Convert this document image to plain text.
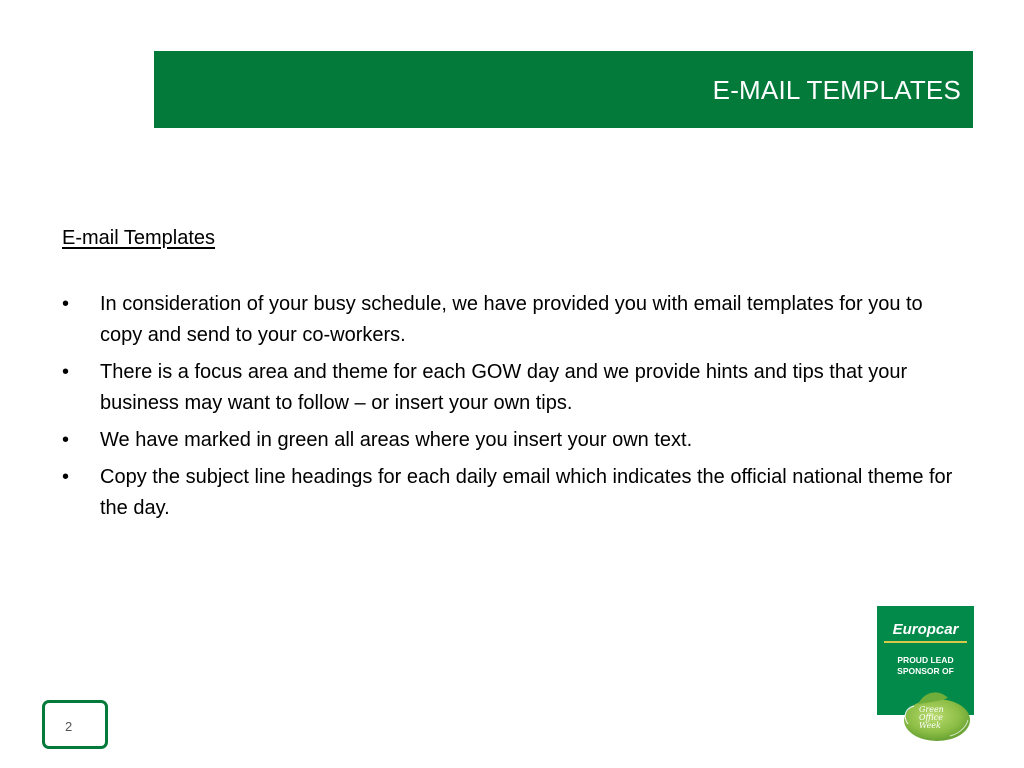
E-MAIL TEMPLATES
E-mail Templates
•	In consideration of your busy schedule, we have provided you with email templates for you to copy and send to your co-workers.
•	There is a focus area and theme for each GOW day and we provide hints and tips that your business may want to follow – or insert your own tips.
•	We have marked in green all areas where you insert your own text.
•	Copy the subject line headings for each daily email which indicates the official national theme for the day.
2
Europcar
PROUD LEAD
SPONSOR OF
Green Office
Week
